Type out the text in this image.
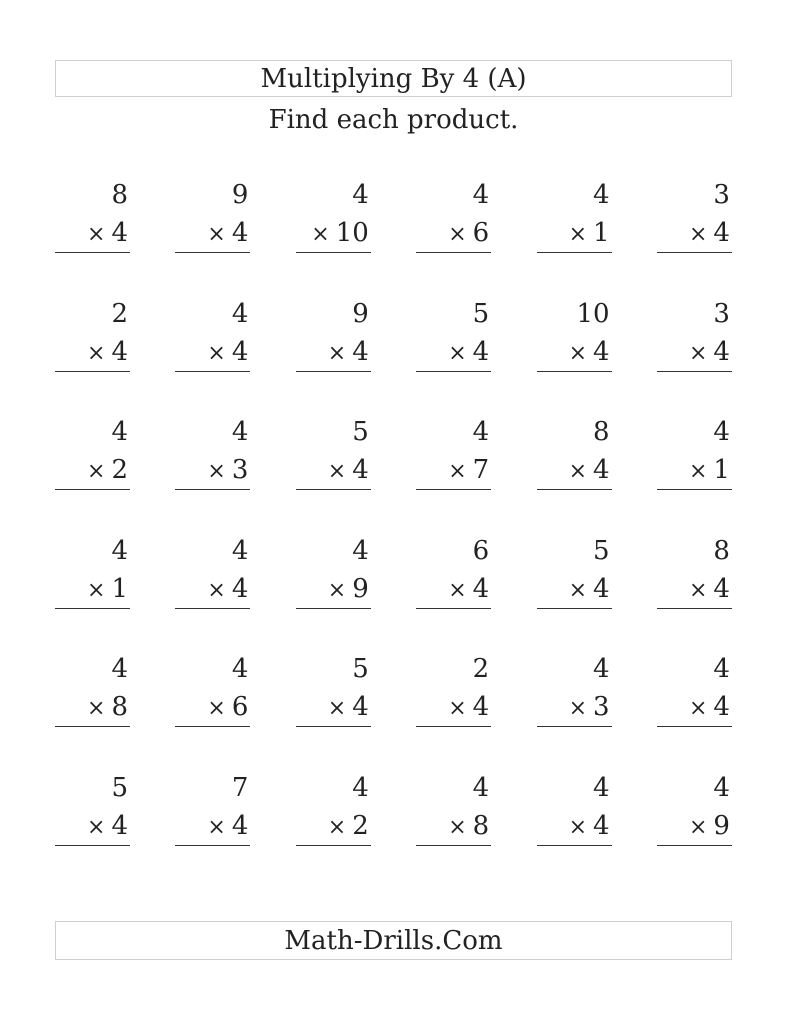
Multiplying By 4 (A)
Find each product.
8
× 4
9
× 4
4
× 10
4
× 6
4
× 1
3
× 4
2
× 4
4
× 4
9
× 4
5
× 4
10
× 4
3
× 4
4
× 2
4
× 3
5
× 4
4
× 7
8
× 4
4
× 1
4
× 1
4
× 4
4
× 9
6
× 4
5
× 4
8
× 4
4
× 8
4
× 6
5
× 4
2
× 4
4
× 3
4
× 4
5
× 4
7
× 4
4
× 2
4
× 8
4
× 4
4
× 9
Math-Drills.Com
